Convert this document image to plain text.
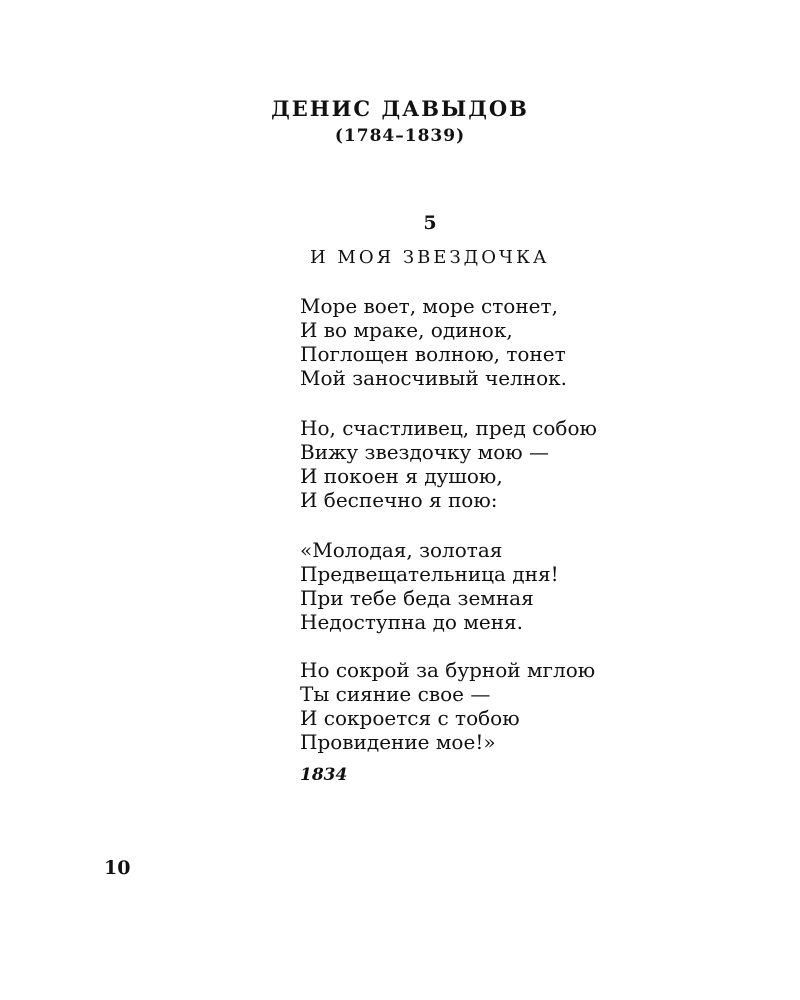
ДЕНИС ДАВЫДОВ
(1784–1839)
5
И МОЯ ЗВЕЗДОЧКА
Море воет, море стонет,
И во мраке, одинок,
Поглощен волною, тонет
Мой заносчивый челнок.
Но, счастливец, пред собою
Вижу звездочку мою —
И покоен я душою,
И беспечно я пою:
«Молодая, золотая
Предвещательница дня!
При тебе беда земная
Недоступна до меня.
Но сокрой за бурной мглою
Ты сияние свое —
И сокроется с тобою
Провидение мое!»
1834
10
